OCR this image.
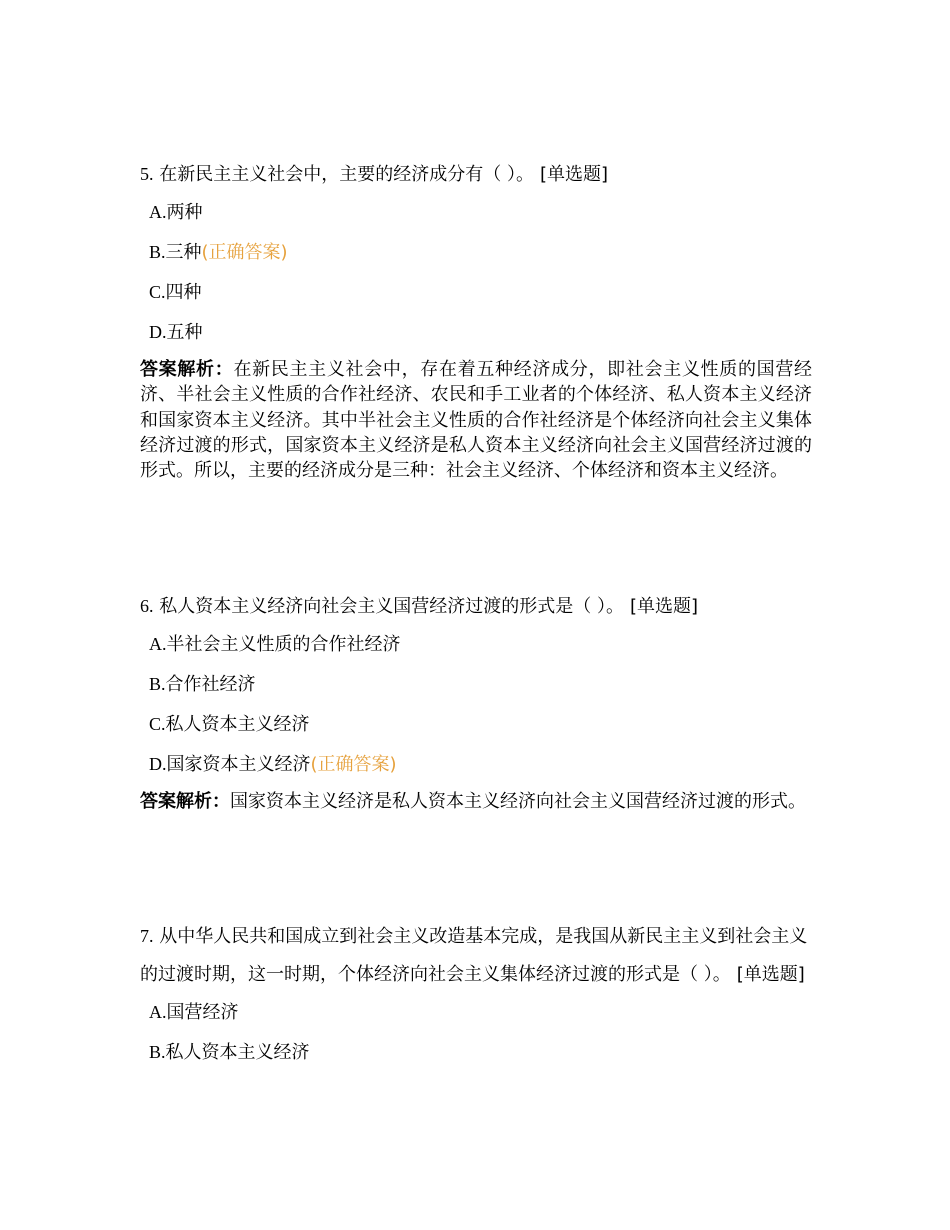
5. 在新民主主义社会中，主要的经济成分有（ ）。 [单选题]

A.两种
B.三种(正确答案)
C.四种
D.五种
答案解析：在新民主主义社会中，存在着五种经济成分，即社会主义性质的国营经济、半社会主义性质的合作社经济、农民和手工业者的个体经济、私人资本主义经济和国家资本主义经济。其中半社会主义性质的合作社经济是个体经济向社会主义集体经济过渡的形式，国家资本主义经济是私人资本主义经济向社会主义国营经济过渡的形式。所以，主要的经济成分是三种：社会主义经济、个体经济和资本主义经济。

6. 私人资本主义经济向社会主义国营经济过渡的形式是（ ）。 [单选题]

A.半社会主义性质的合作社经济
B.合作社经济
C.私人资本主义经济
D.国家资本主义经济(正确答案)
答案解析：国家资本主义经济是私人资本主义经济向社会主义国营经济过渡的形式。

7. 从中华人民共和国成立到社会主义改造基本完成，是我国从新民主主义到社会主义的过渡时期，这一时期，个体经济向社会主义集体经济过渡的形式是（ ）。 [单选题]

A.国营经济
B.私人资本主义经济
